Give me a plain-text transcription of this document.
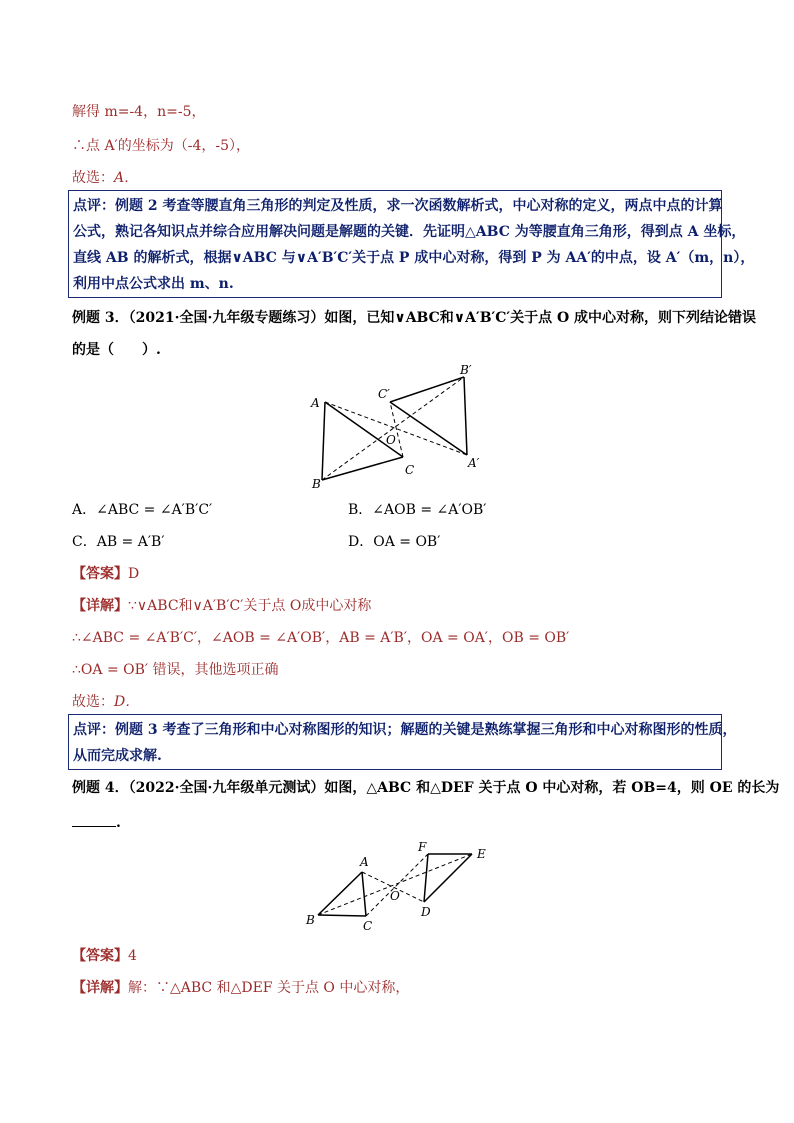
解得 m=-4，n=-5，
∴点 A′的坐标为（-4，-5），
故选：A．
点评：例题 2 考查等腰直角三角形的判定及性质，求一次函数解析式，中心对称的定义，两点中点的计算
公式，熟记各知识点并综合应用解决问题是解题的关键．先证明△ABC 为等腰直角三角形，得到点 A 坐标，
直线 AB 的解析式，根据∨ABC 与∨A′B′C′关于点 P 成中心对称，得到 P 为 AA′的中点，设 A′（m，n），
利用中点公式求出 m、n.
例题 3．（2021·全国·九年级专题练习）如图，已知∨ABC和∨A′B′C′关于点 O 成中心对称，则下列结论错误
的是（　　）.
A
B
C
O
C′
B′
A′
A．∠ABC = ∠A′B′C′	B．∠AOB = ∠A′OB′
C．AB = A′B′	D．OA = OB′
【答案】D
【详解】∵∨ABC和∨A′B′C′关于点 O成中心对称
∴∠ABC = ∠A′B′C′，∠AOB = ∠A′OB′，AB = A′B′，OA = OA′，OB = OB′
∴OA = OB′ 错误，其他选项正确
故选：D．
点评：例题 3 考查了三角形和中心对称图形的知识；解题的关键是熟练掌握三角形和中心对称图形的性质，
从而完成求解.
例题 4．（2022·全国·九年级单元测试）如图，△ABC 和△DEF 关于点 O 中心对称，若 OB=4，则 OE 的长为
.
A
B	C
O
F	E
D
【答案】4
【详解】解：∵△ABC 和△DEF 关于点 O 中心对称，
